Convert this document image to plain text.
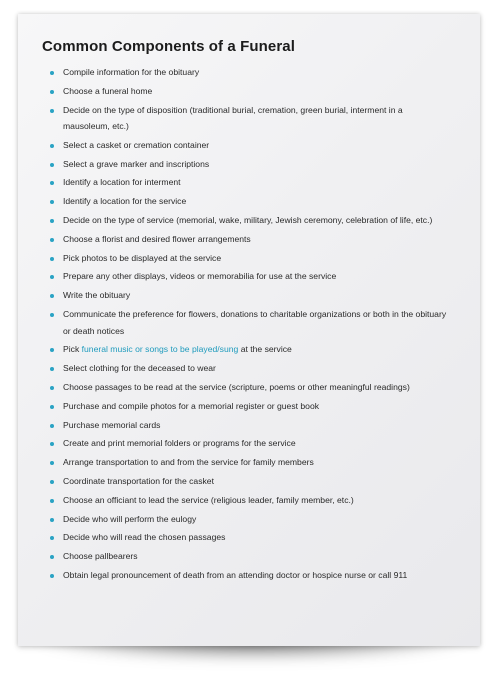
Common Components of a Funeral
Compile information for the obituary
Choose a funeral home
Decide on the type of disposition (traditional burial, cremation, green burial, interment in a mausoleum, etc.)
Select a casket or cremation container
Select a grave marker and inscriptions
Identify a location for interment
Identify a location for the service
Decide on the type of service (memorial, wake, military, Jewish ceremony, celebration of life, etc.)
Choose a florist and desired flower arrangements
Pick photos to be displayed at the service
Prepare any other displays, videos or memorabilia for use at the service
Write the obituary
Communicate the preference for flowers, donations to charitable organizations or both in the obituary or death notices
Pick funeral music or songs to be played/sung at the service
Select clothing for the deceased to wear
Choose passages to be read at the service (scripture, poems or other meaningful readings)
Purchase and compile photos for a memorial register or guest book
Purchase memorial cards
Create and print memorial folders or programs for the service
Arrange transportation to and from the service for family members
Coordinate transportation for the casket
Choose an officiant to lead the service (religious leader, family member, etc.)
Decide who will perform the eulogy
Decide who will read the chosen passages
Choose pallbearers
Obtain legal pronouncement of death from an attending doctor or hospice nurse or call 911
